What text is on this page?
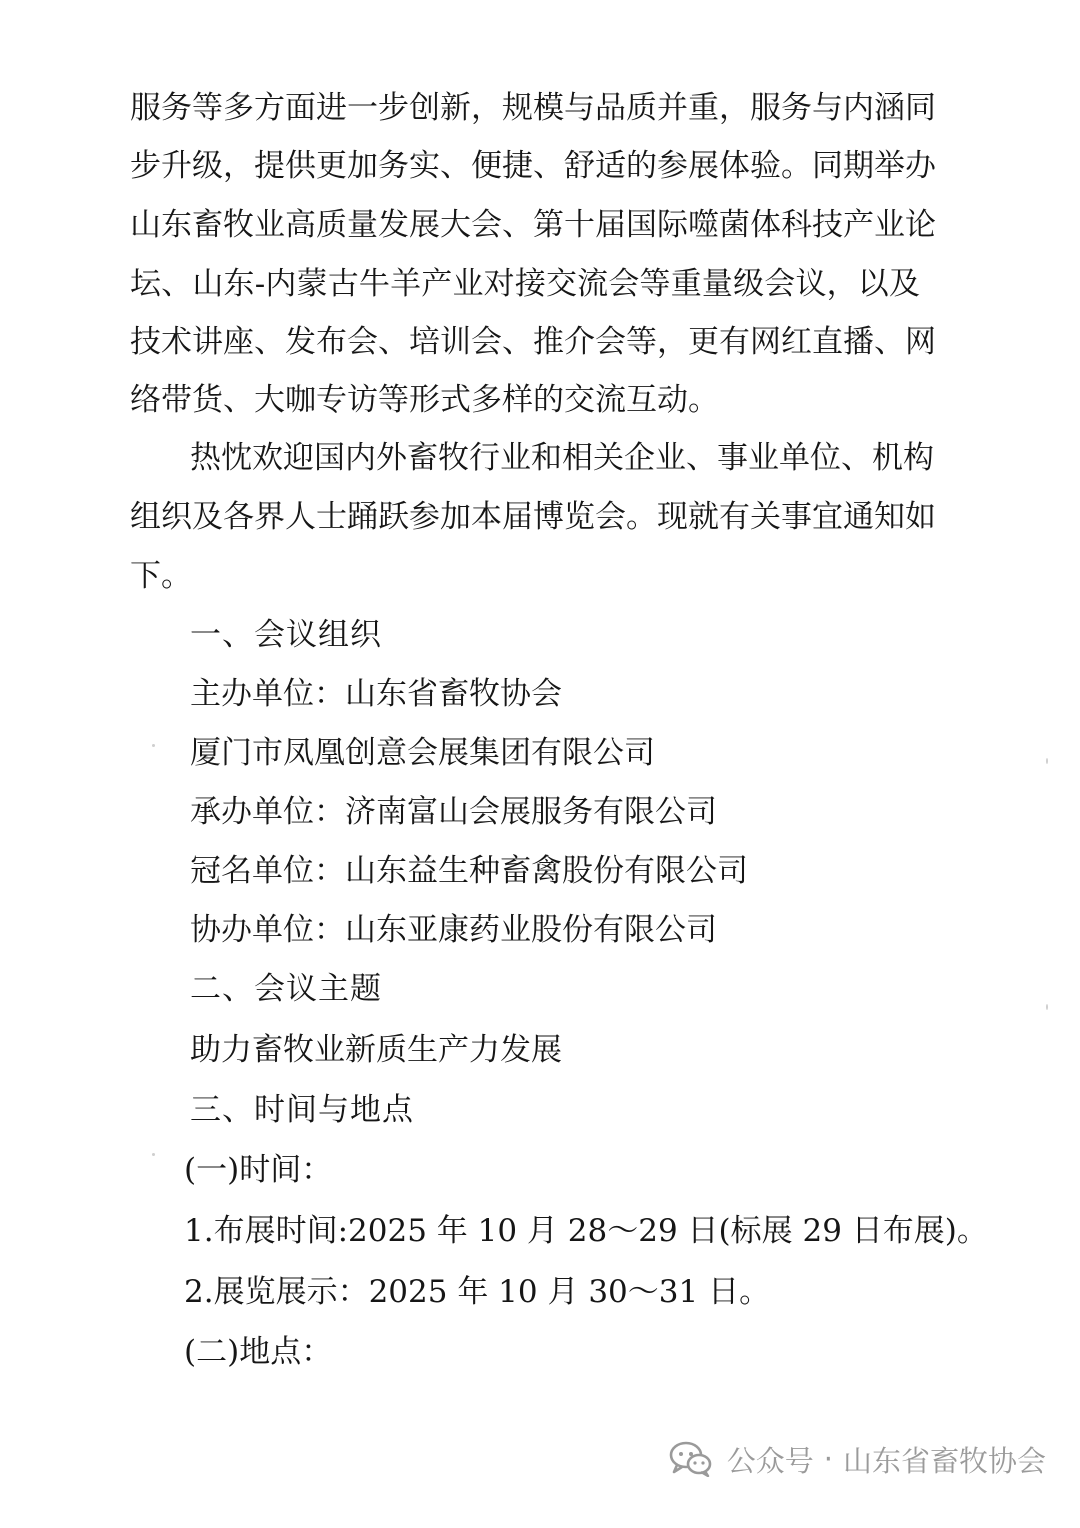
服务等多方面进一步创新，规模与品质并重，服务与内涵同
步升级，提供更加务实、便捷、舒适的参展体验。同期举办
山东畜牧业高质量发展大会、第十届国际噬菌体科技产业论
坛、山东-内蒙古牛羊产业对接交流会等重量级会议，以及
技术讲座、发布会、培训会、推介会等，更有网红直播、网
络带货、大咖专访等形式多样的交流互动。
热忱欢迎国内外畜牧行业和相关企业、事业单位、机构
组织及各界人士踊跃参加本届博览会。现就有关事宜通知如
下。
一、会议组织
主办单位：山东省畜牧协会
厦门市凤凰创意会展集团有限公司
承办单位：济南富山会展服务有限公司
冠名单位：山东益生种畜禽股份有限公司
协办单位：山东亚康药业股份有限公司
二、会议主题
助力畜牧业新质生产力发展
三、时间与地点
(一)时间：
1.布展时间:2025 年 10 月 28～29 日(标展 29 日布展)。
2.展览展示：2025 年 10 月 30～31 日。
(二)地点：
公众号 · 山东省畜牧协会
